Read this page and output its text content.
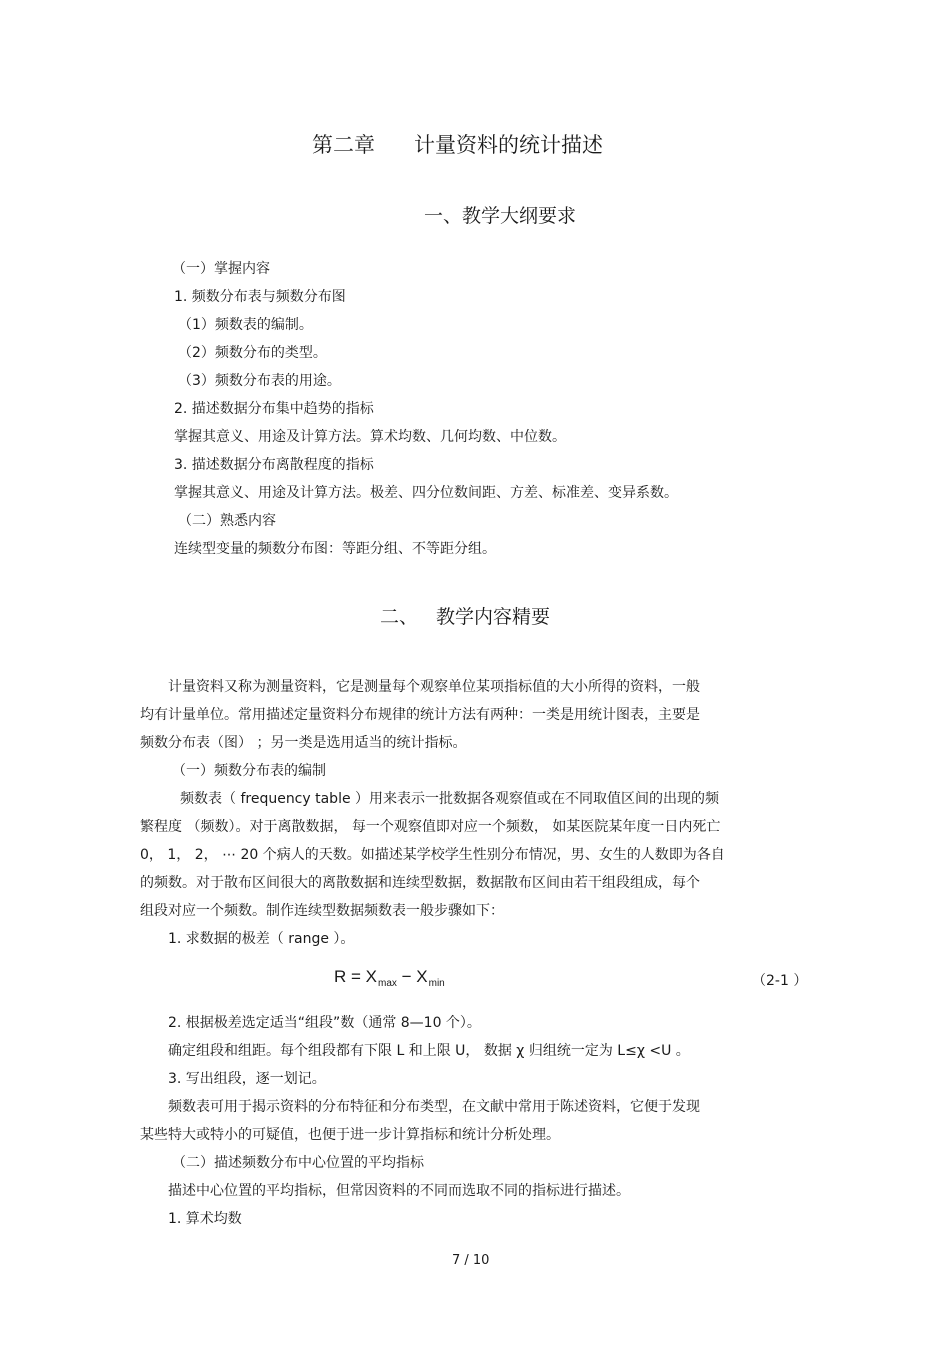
第二章 计量资料的统计描述
一、教学大纲要求
（一）掌握内容
1. 频数分布表与频数分布图
（1）频数表的编制。
（2）频数分布的类型。
（3）频数分布表的用途。
2. 描述数据分布集中趋势的指标
掌握其意义、用途及计算方法。算术均数、几何均数、中位数。
3. 描述数据分布离散程度的指标
掌握其意义、用途及计算方法。极差、四分位数间距、方差、标准差、变异系数。
（二）熟悉内容
连续型变量的频数分布图：等距分组、不等距分组。
二、 教学内容精要
计量资料又称为测量资料，它是测量每个观察单位某项指标值的大小所得的资料，一般
均有计量单位。常用描述定量资料分布规律的统计方法有两种：一类是用统计图表，主要是
频数分布表（图） ；另一类是选用适当的统计指标。
（一）频数分布表的编制
频数表（ frequency table ）用来表示一批数据各观察值或在不同取值区间的出现的频
繁程度 （频数）。对于离散数据， 每一个观察值即对应一个频数， 如某医院某年度一日内死亡
0， 1， 2， ⋯ 20 个病人的天数。如描述某学校学生性别分布情况，男、女生的人数即为各自
的频数。对于散布区间很大的离散数据和连续型数据，数据散布区间由若干组段组成，每个
组段对应一个频数。制作连续型数据频数表一般步骤如下：
1. 求数据的极差（ range ）。
$R = X_{max} - X_{min}$	（2-1 ）
2. 根据极差选定适当“组段”数（通常 8—10 个）。
确定组段和组距。每个组段都有下限 L 和上限 U， 数据 χ 归组统一定为 L≤χ <U 。
3. 写出组段，逐一划记。
频数表可用于揭示资料的分布特征和分布类型，在文献中常用于陈述资料，它便于发现
某些特大或特小的可疑值，也便于进一步计算指标和统计分析处理。
（二）描述频数分布中心位置的平均指标
描述中心位置的平均指标，但常因资料的不同而选取不同的指标进行描述。
1. 算术均数
7 / 10
